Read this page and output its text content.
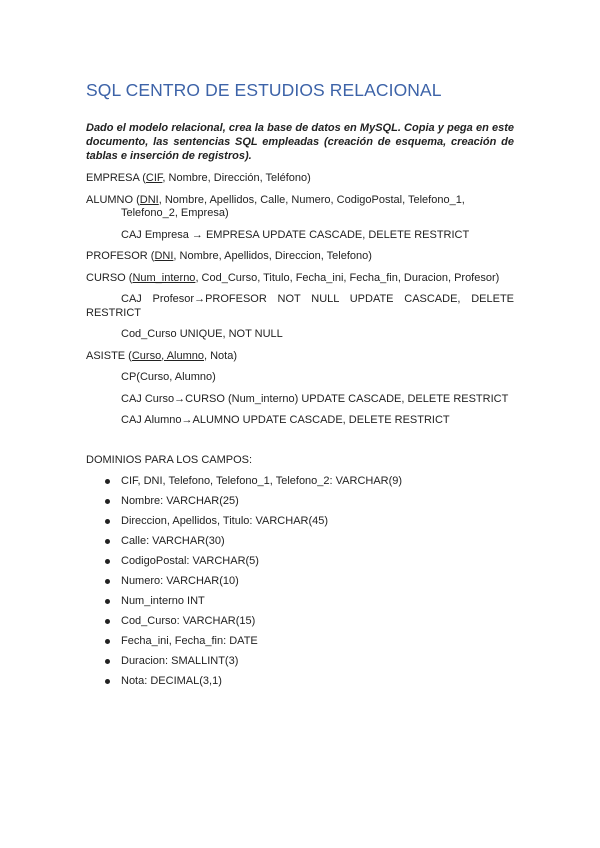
SQL CENTRO DE ESTUDIOS RELACIONAL

Dado el modelo relacional, crea la base de datos en MySQL. Copia y pega en este documento, las sentencias SQL empleadas (creación de esquema, creación de tablas e inserción de registros).

EMPRESA (CIF, Nombre, Dirección, Teléfono)

ALUMNO (DNI, Nombre, Apellidos, Calle, Numero, CodigoPostal, Telefono_1, Telefono_2, Empresa)

CAJ Empresa → EMPRESA UPDATE CASCADE, DELETE RESTRICT

PROFESOR (DNI, Nombre, Apellidos, Direccion, Telefono)

CURSO (Num_interno, Cod_Curso, Titulo, Fecha_ini, Fecha_fin, Duracion, Profesor)

CAJ Profesor→PROFESOR NOT NULL UPDATE CASCADE, DELETE RESTRICT

Cod_Curso UNIQUE, NOT NULL

ASISTE (Curso, Alumno, Nota)

CP(Curso, Alumno)

CAJ Curso→CURSO (Num_interno) UPDATE CASCADE, DELETE RESTRICT

CAJ Alumno→ALUMNO UPDATE CASCADE, DELETE RESTRICT

DOMINIOS PARA LOS CAMPOS:

CIF, DNI, Telefono, Telefono_1, Telefono_2: VARCHAR(9)
Nombre: VARCHAR(25)
Direccion, Apellidos, Titulo: VARCHAR(45)
Calle: VARCHAR(30)
CodigoPostal: VARCHAR(5)
Numero: VARCHAR(10)
Num_interno INT
Cod_Curso: VARCHAR(15)
Fecha_ini, Fecha_fin: DATE
Duracion: SMALLINT(3)
Nota: DECIMAL(3,1)
